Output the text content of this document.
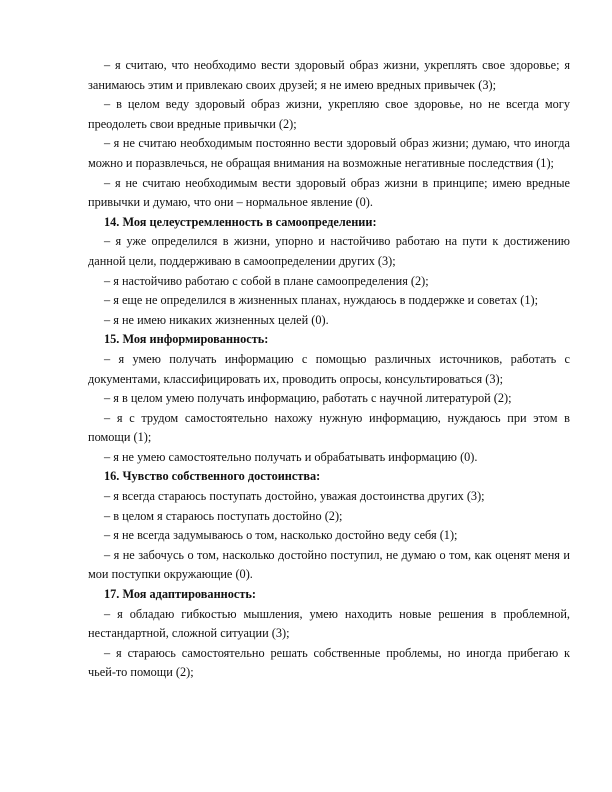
– я считаю, что необходимо вести здоровый образ жизни, укреплять свое здоровье; я занимаюсь этим и привлекаю своих друзей; я не имею вредных привычек (3);

– в целом веду здоровый образ жизни, укрепляю свое здоровье, но не всегда могу преодолеть свои вредные привычки (2);

– я не считаю необходимым постоянно вести здоровый образ жизни; думаю, что иногда можно и поразвлечься, не обращая внимания на возможные негативные последствия (1);

– я не считаю необходимым вести здоровый образ жизни в принципе; имею вредные привычки и думаю, что они – нормальное явление (0).

14. Моя целеустремленность в самоопределении:

– я уже определился в жизни, упорно и настойчиво работаю на пути к достижению данной цели, поддерживаю в самоопределении других (3);

– я настойчиво работаю с собой в плане самоопределения (2);

– я еще не определился в жизненных планах, нуждаюсь в поддержке и советах (1);

– я не имею никаких жизненных целей (0).

15. Моя информированность:

– я умею получать информацию с помощью различных источников, работать с документами, классифицировать их, проводить опросы, консультироваться (3);

– я в целом умею получать информацию, работать с научной литературой (2);

– я с трудом самостоятельно нахожу нужную информацию, нуждаюсь при этом в помощи (1);

– я не умею самостоятельно получать и обрабатывать информацию (0).

16. Чувство собственного достоинства:

– я всегда стараюсь поступать достойно, уважая достоинства других (3);

– в целом я стараюсь поступать достойно (2);

– я не всегда задумываюсь о том, насколько достойно веду себя (1);

– я не забочусь о том, насколько достойно поступил, не думаю о том, как оценят меня и мои поступки окружающие (0).

17. Моя адаптированность:

– я обладаю гибкостью мышления, умею находить новые решения в проблемной, нестандартной, сложной ситуации (3);

– я стараюсь самостоятельно решать собственные проблемы, но иногда прибегаю к чьей-то помощи (2);
